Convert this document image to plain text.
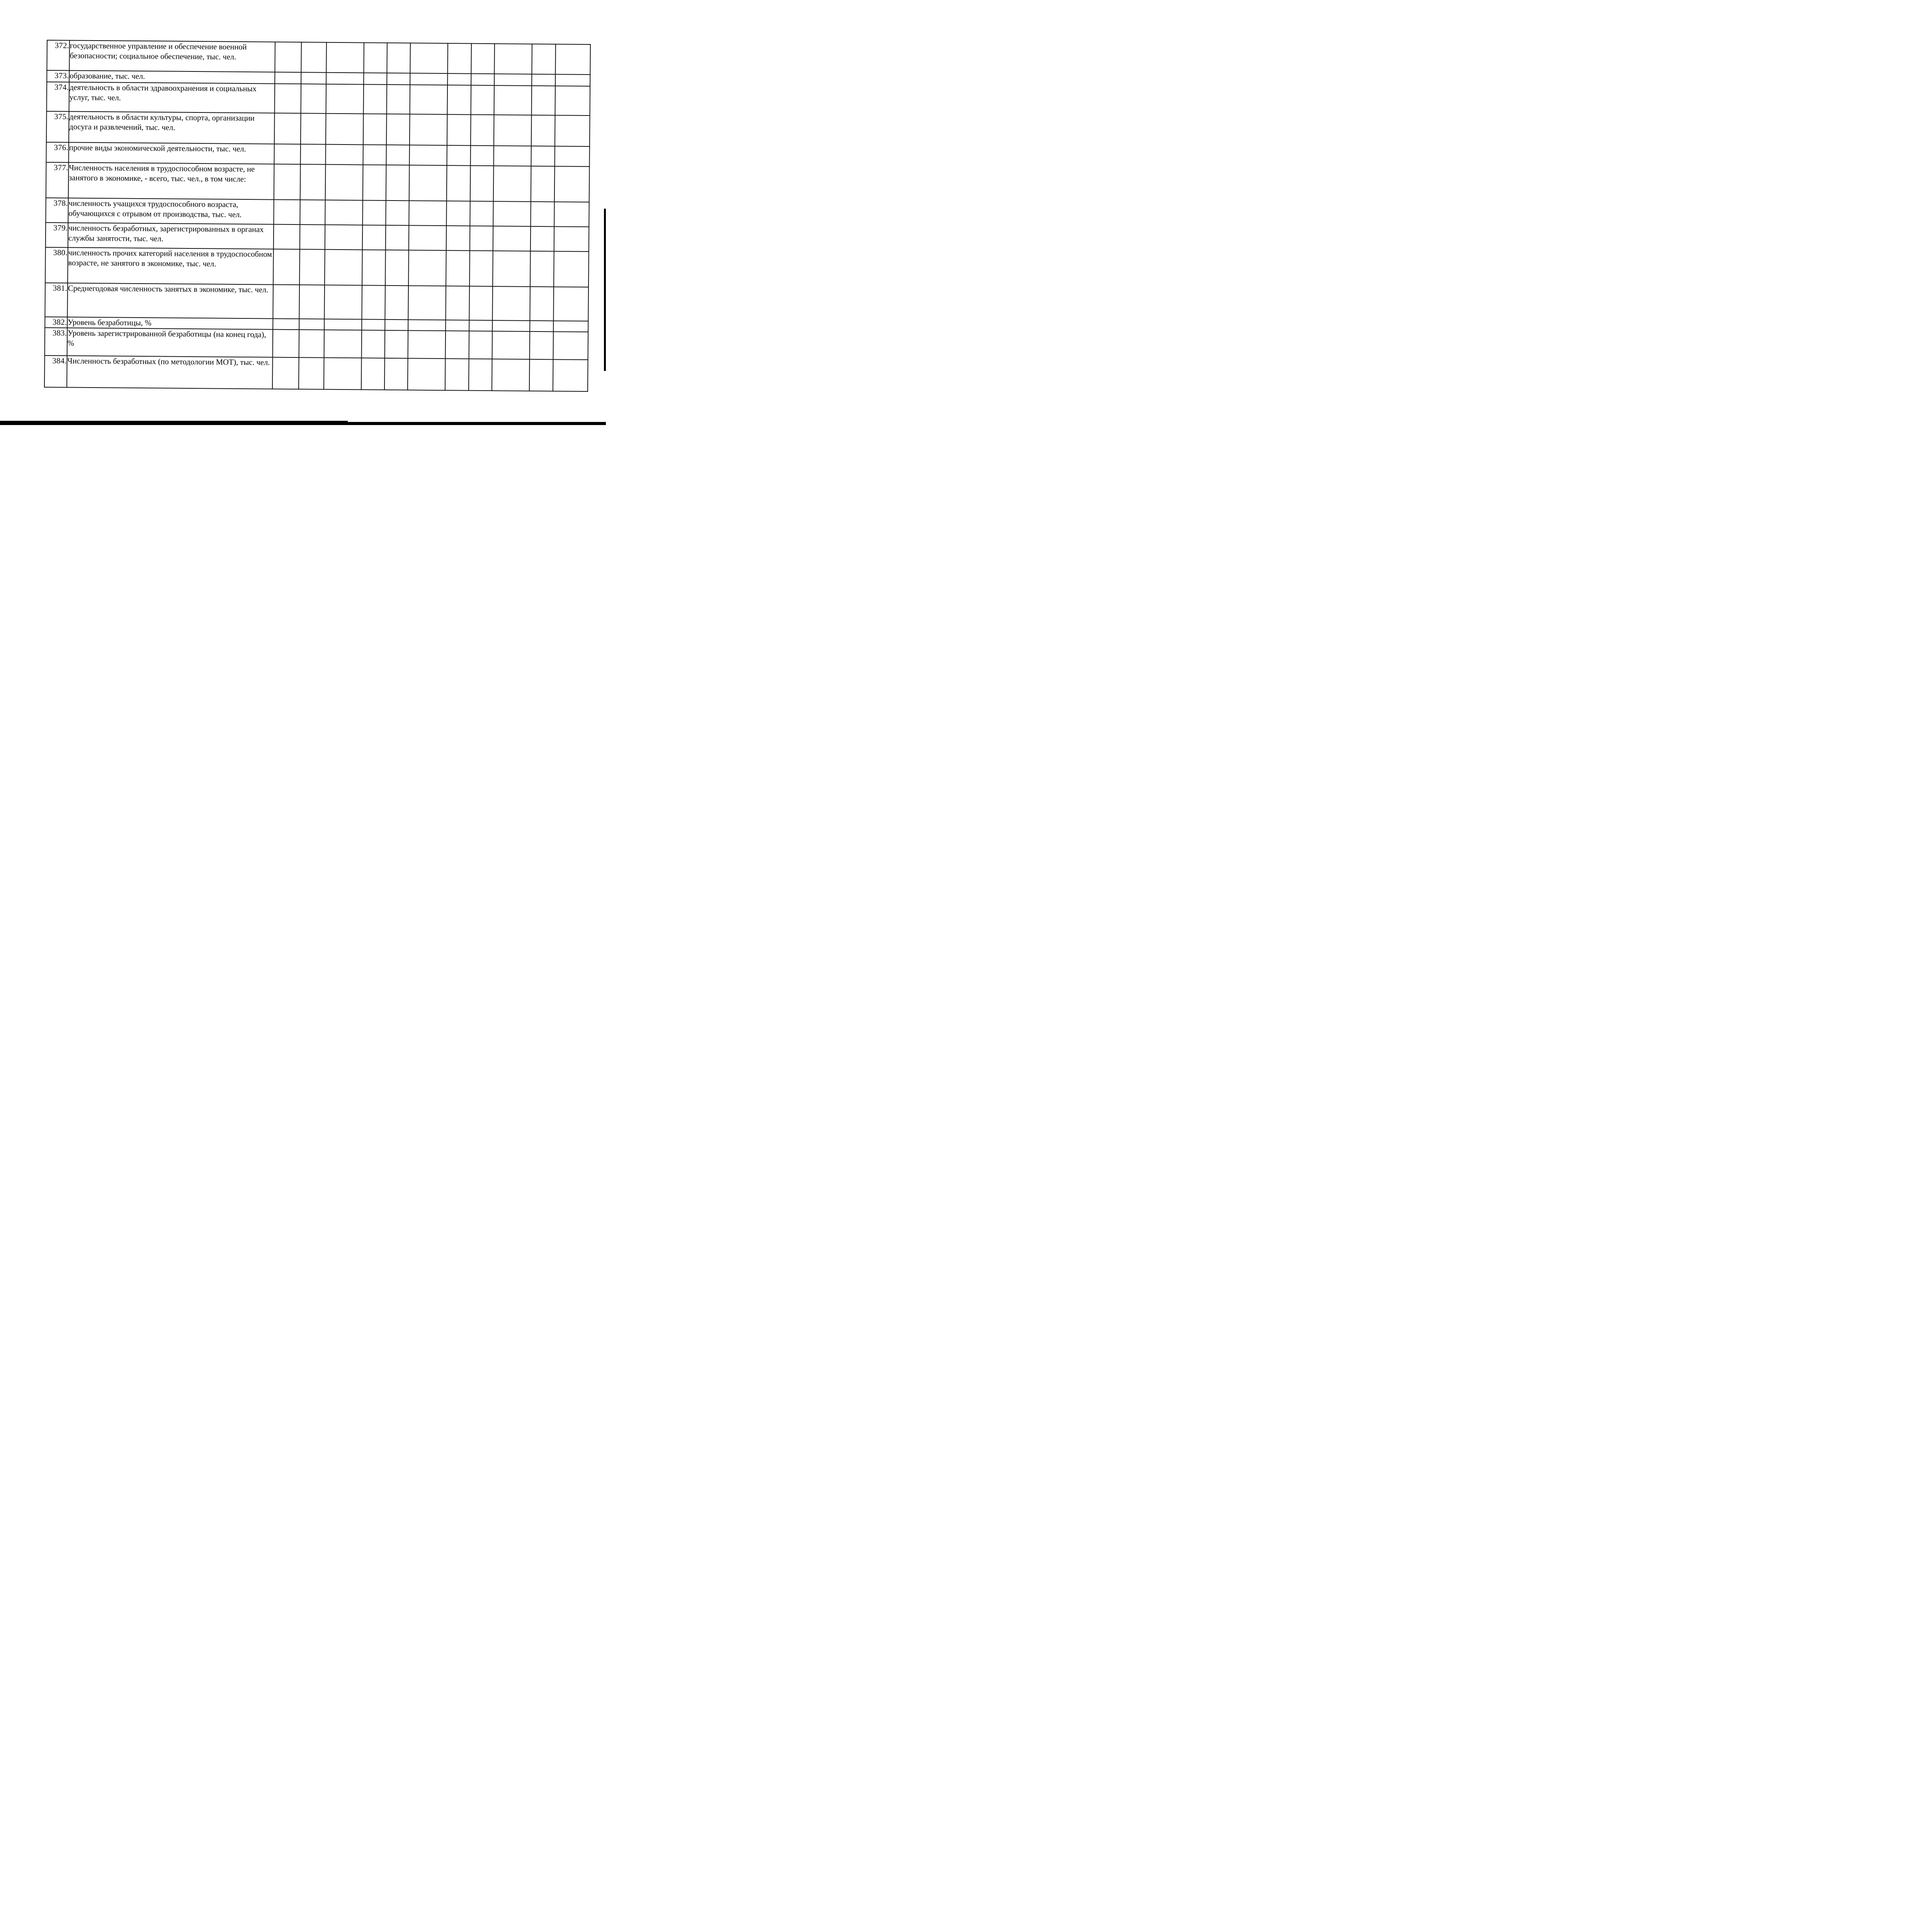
372.	государственное управление и обеспечение военной безопасности; социальное обеспечение, тыс. чел.											
373.	образование, тыс. чел.											
374.	деятельность в области здравоохранения и социальных услуг, тыс. чел.											
375.	деятельность в области культуры, спорта, организации досуга и развлечений, тыс. чел.											
376.	прочие виды экономической деятельности, тыс. чел.											
377.	Численность населения в трудоспособном возрасте, не занятого в экономике, - всего, тыс. чел., в том числе:											
378.	численность учащихся трудоспособного возраста, обучающихся с отрывом от производства, тыс. чел.											
379.	численность безработных, зарегистрированных в органах службы занятости, тыс. чел.											
380.	численность прочих категорий населения в трудоспособном возрасте, не занятого в экономике, тыс. чел.											
381.	Среднегодовая численность занятых в экономике, тыс. чел.											
382.	Уровень безработицы, %											
383.	Уровень зарегистрированной безработицы (на конец года), %											
384.	Численность безработных (по методологии МОТ), тыс. чел.											
